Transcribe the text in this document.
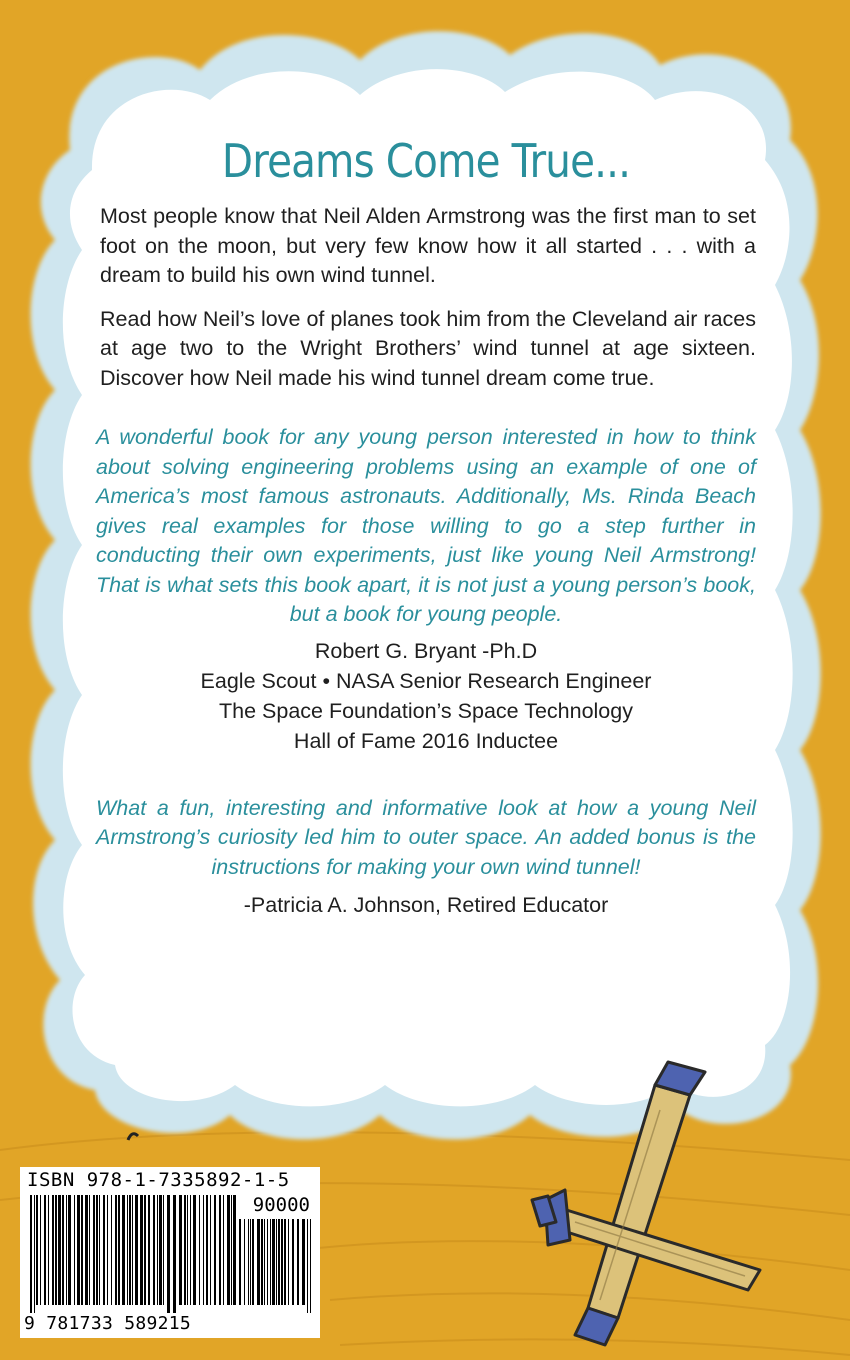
Dreams Come True...

Most people know that Neil Alden Armstrong was the first man to set foot on the moon, but very few know how it all started . . . with a dream to build his own wind tunnel.

Read how Neil’s love of planes took him from the Cleveland air races at age two to the Wright Brothers’ wind tunnel at age sixteen. Discover how Neil made his wind tunnel dream come true.

A wonderful book for any young person interested in how to think about solving engineering problems using an example of one of America’s most famous astronauts. Additionally, Ms. Rinda Beach gives real examples for those willing to go a step further in conducting their own experiments, just like young Neil Armstrong! That is what sets this book apart, it is not just a young person’s book, but a book for young people.

Robert G. Bryant -Ph.D
Eagle Scout • NASA Senior Research Engineer
The Space Foundation’s Space Technology
Hall of Fame 2016 Inductee

What a fun, interesting and informative look at how a young Neil Armstrong’s curiosity led him to outer space. An added bonus is the instructions for making your own wind tunnel!

-Patricia A. Johnson, Retired Educator
ISBN 978-1-7335892-1-5
90000
9 781733 589215
